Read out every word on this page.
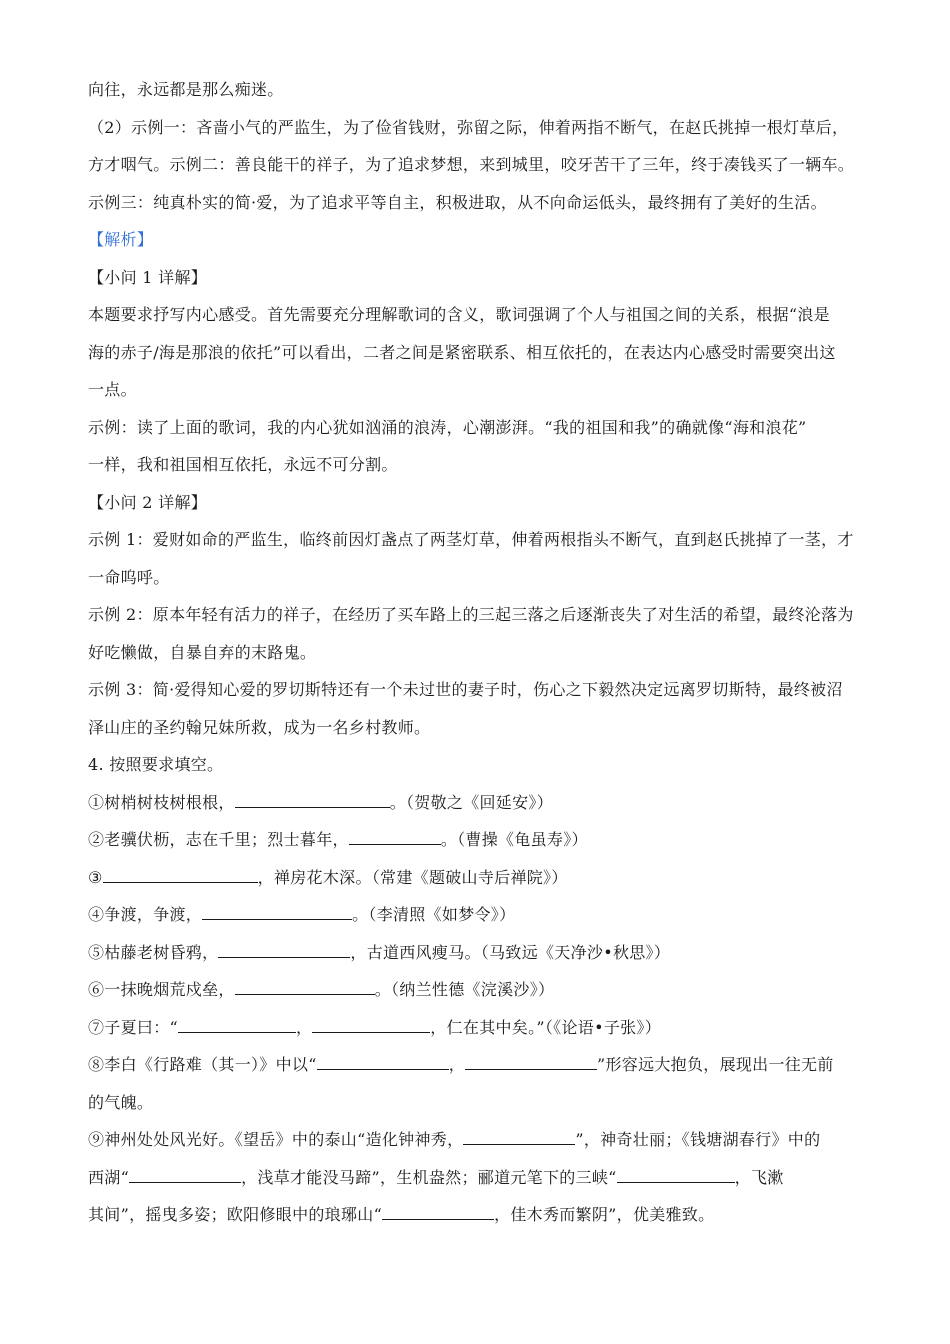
向往，永远都是那么痴迷。
（2）示例一：吝啬小气的严监生，为了俭省钱财，弥留之际，伸着两指不断气，在赵氏挑掉一根灯草后，
方才咽气。示例二：善良能干的祥子，为了追求梦想，来到城里，咬牙苦干了三年，终于凑钱买了一辆车。
示例三：纯真朴实的简·爱，为了追求平等自主，积极进取，从不向命运低头，最终拥有了美好的生活。
【解析】
【小问 1 详解】
本题要求抒写内心感受。首先需要充分理解歌词的含义，歌词强调了个人与祖国之间的关系，根据“浪是
海的赤子/海是那浪的依托”可以看出，二者之间是紧密联系、相互依托的，在表达内心感受时需要突出这
一点。
示例：读了上面的歌词，我的内心犹如汹涌的浪涛，心潮澎湃。“我的祖国和我”的确就像“海和浪花”
一样，我和祖国相互依托，永远不可分割。
【小问 2 详解】
示例 1：爱财如命的严监生，临终前因灯盏点了两茎灯草，伸着两根指头不断气，直到赵氏挑掉了一茎，才
一命呜呼。
示例 2：原本年轻有活力的祥子，在经历了买车路上的三起三落之后逐渐丧失了对生活的希望，最终沦落为
好吃懒做，自暴自弃的末路鬼。
示例 3：简·爱得知心爱的罗切斯特还有一个未过世的妻子时，伤心之下毅然决定远离罗切斯特，最终被沼
泽山庄的圣约翰兄妹所救，成为一名乡村教师。
4. 按照要求填空。
①树梢树枝树根根，	。（贺敬之《回延安》）
②老骥伏枥，志在千里；烈士暮年，	。（曹操《龟虽寿》）
③	，禅房花木深。（常建《题破山寺后禅院》）
④争渡，争渡，	。（李清照《如梦令》）
⑤枯藤老树昏鸦，	，古道西风瘦马。（马致远《天净沙•秋思》）
⑥一抹晚烟荒戍垒，	。（纳兰性德《浣溪沙》）
⑦子夏曰：“	，	，仁在其中矣。”（《论语•子张》）
⑧李白《行路难（其一）》中以“	，	”形容远大抱负，展现出一往无前
的气魄。
⑨神州处处风光好。《望岳》中的泰山“造化钟神秀，	”，神奇壮丽；《钱塘湖春行》中的
西湖“	，浅草才能没马蹄”，生机盎然；郦道元笔下的三峡“	，飞漱
其间”，摇曳多姿；欧阳修眼中的琅琊山“	，佳木秀而繁阴”，优美雅致。
